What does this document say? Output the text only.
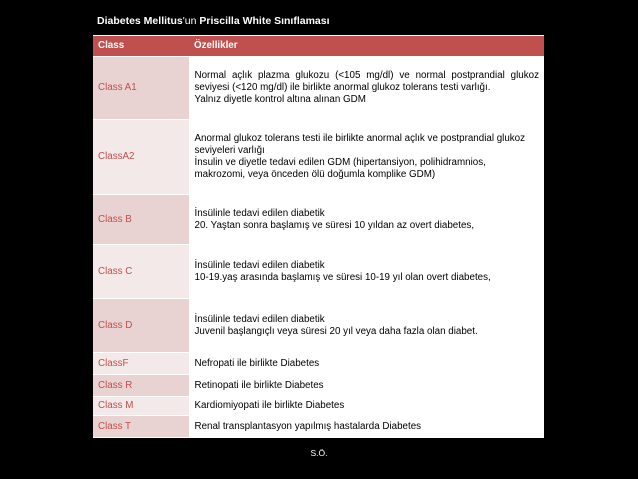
Diabetes Mellitus'un Priscilla White Sınıflaması
Class	Özellikler
Class A1	Normal açlık plazma glukozu (<105 mg/dl) ve normal postprandial glukoz seviyesi (<120 mg/dl) ile birlikte anormal glukoz tolerans testi varlığı.
Yalnız diyetle kontrol altına alınan GDM

ClassA2	Anormal glukoz tolerans testi ile birlikte anormal açlık ve postprandial glukoz seviyeleri varlığı
İnsulin ve diyetle tedavi edilen GDM (hipertansiyon, polihidramnios, makrozomi, veya önceden ölü doğumla komplike GDM)

Class B	İnsülinle tedavi edilen diabetik
20. Yaştan sonra başlamış ve süresi 10 yıldan az overt diabetes,

Class C	İnsülinle tedavi edilen diabetik
10-19.yaş arasında başlamış ve süresi 10-19 yıl olan overt diabetes,

Class D	İnsülinle tedavi edilen diabetik
Juvenil başlangıçlı veya süresi 20 yıl veya daha fazla olan diabet.

ClassF	Nefropati ile birlikte Diabetes

Class R	Retinopati ile birlikte Diabetes

Class M	Kardiomiyopati ile birlikte Diabetes

Class T	Renal transplantasyon yapılmış hastalarda Diabetes
S.Ö.
